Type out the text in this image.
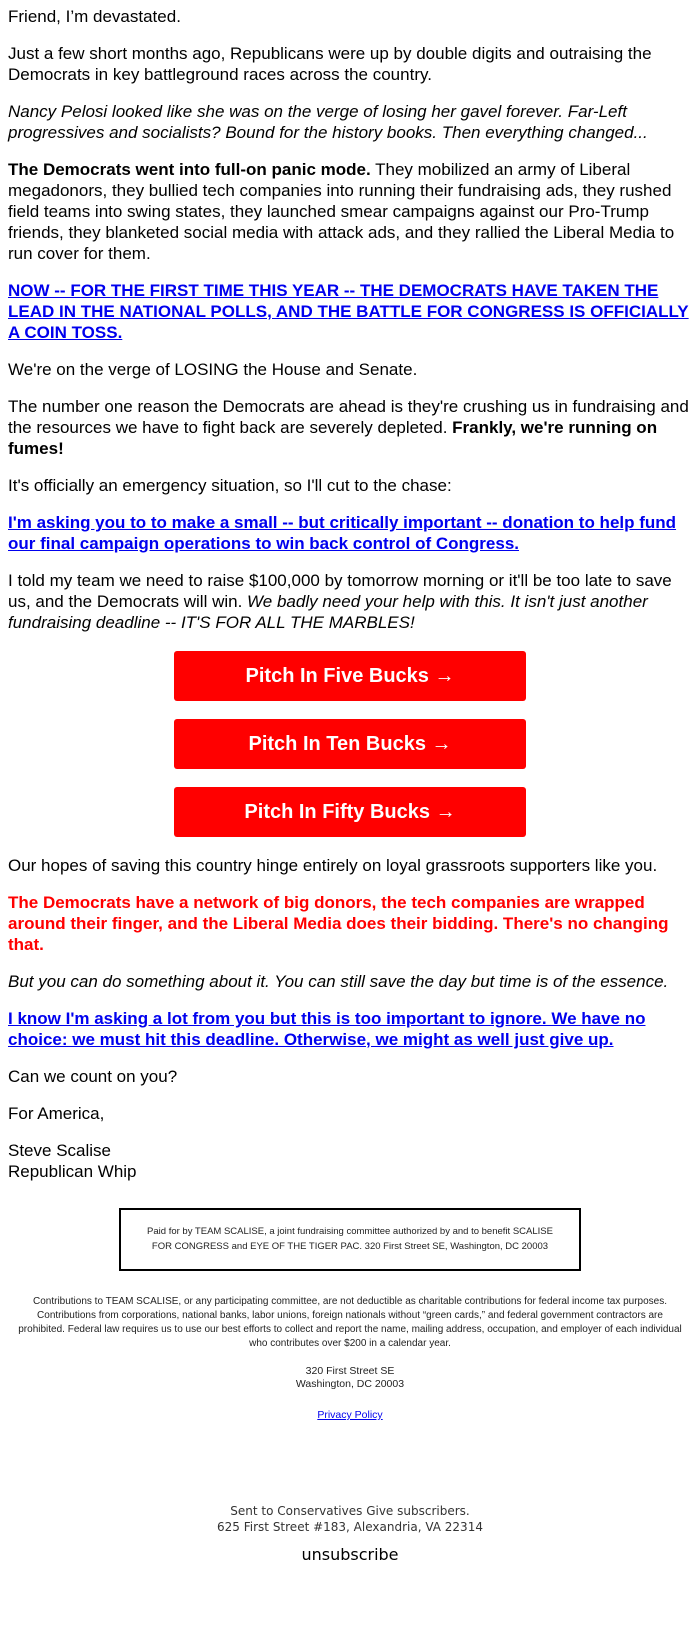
Friend, I’m devastated.

Just a few short months ago, Republicans were up by double digits and outraising the Democrats in key battleground races across the country.

Nancy Pelosi looked like she was on the verge of losing her gavel forever. Far-Left progressives and socialists? Bound for the history books. Then everything changed...

The Democrats went into full-on panic mode. They mobilized an army of Liberal megadonors, they bullied tech companies into running their fundraising ads, they rushed field teams into swing states, they launched smear campaigns against our Pro-Trump friends, they blanketed social media with attack ads, and they rallied the Liberal Media to run cover for them.

NOW -- FOR THE FIRST TIME THIS YEAR -- THE DEMOCRATS HAVE TAKEN THE LEAD IN THE NATIONAL POLLS, AND THE BATTLE FOR CONGRESS IS OFFICIALLY A COIN TOSS.

We're on the verge of LOSING the House and Senate.

The number one reason the Democrats are ahead is they're crushing us in fundraising and the resources we have to fight back are severely depleted. Frankly, we're running on fumes!

It's officially an emergency situation, so I'll cut to the chase:

I'm asking you to to make a small -- but critically important -- donation to help fund our final campaign operations to win back control of Congress.

I told my team we need to raise $100,000 by tomorrow morning or it'll be too late to save us, and the Democrats will win. We badly need your help with this. It isn't just another fundraising deadline -- IT'S FOR ALL THE MARBLES!

Pitch In Five Bucks →
Pitch In Ten Bucks →
Pitch In Fifty Bucks →

Our hopes of saving this country hinge entirely on loyal grassroots supporters like you.

The Democrats have a network of big donors, the tech companies are wrapped around their finger, and the Liberal Media does their bidding. There's no changing that.

But you can do something about it. You can still save the day but time is of the essence.

I know I'm asking a lot from you but this is too important to ignore. We have no choice: we must hit this deadline. Otherwise, we might as well just give up.

Can we count on you?

For America,

Steve Scalise
Republican Whip

Paid for by TEAM SCALISE, a joint fundraising committee authorized by and to benefit SCALISE FOR CONGRESS and EYE OF THE TIGER PAC. 320 First Street SE, Washington, DC 20003
Contributions to TEAM SCALISE, or any participating committee, are not deductible as charitable contributions for federal income tax purposes. Contributions from corporations, national banks, labor unions, foreign nationals without “green cards,” and federal government contractors are prohibited. Federal law requires us to use our best efforts to collect and report the name, mailing address, occupation, and employer of each individual who contributes over $200 in a calendar year.
320 First Street SE
Washington, DC 20003
Privacy Policy
Sent to Conservatives Give subscribers.
625 First Street #183, Alexandria, VA 22314
unsubscribe
